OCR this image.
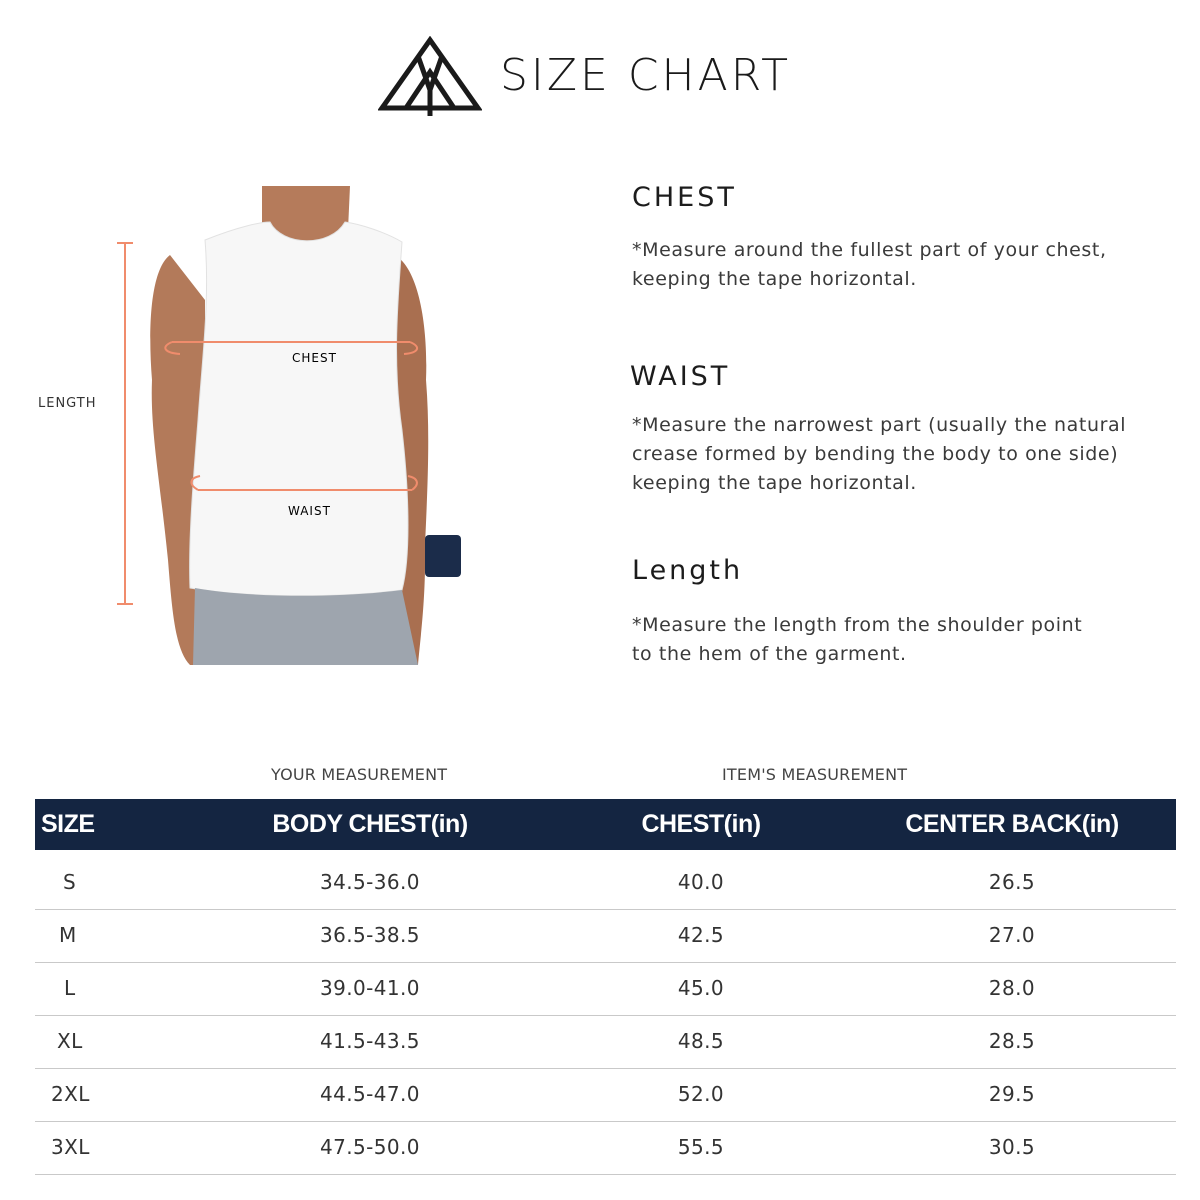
SIZE CHART
CHEST
WAIST
LENGTH
CHEST
*Measure around the fullest part of your chest,
keeping the tape horizontal.
WAIST
*Measure the narrowest part (usually the natural
crease formed by bending the body to one side)
keeping the tape horizontal.
Length
*Measure the length from the shoulder point
to the hem of the garment.
YOUR MEASUREMENT	ITEM'S MEASUREMENT
SIZE	BODY CHEST(in)	CHEST(in)	CENTER BACK(in)
S	34.5-36.0	40.0	26.5
M	36.5-38.5	42.5	27.0
L	39.0-41.0	45.0	28.0
XL	41.5-43.5	48.5	28.5
2XL	44.5-47.0	52.0	29.5
3XL	47.5-50.0	55.5	30.5
